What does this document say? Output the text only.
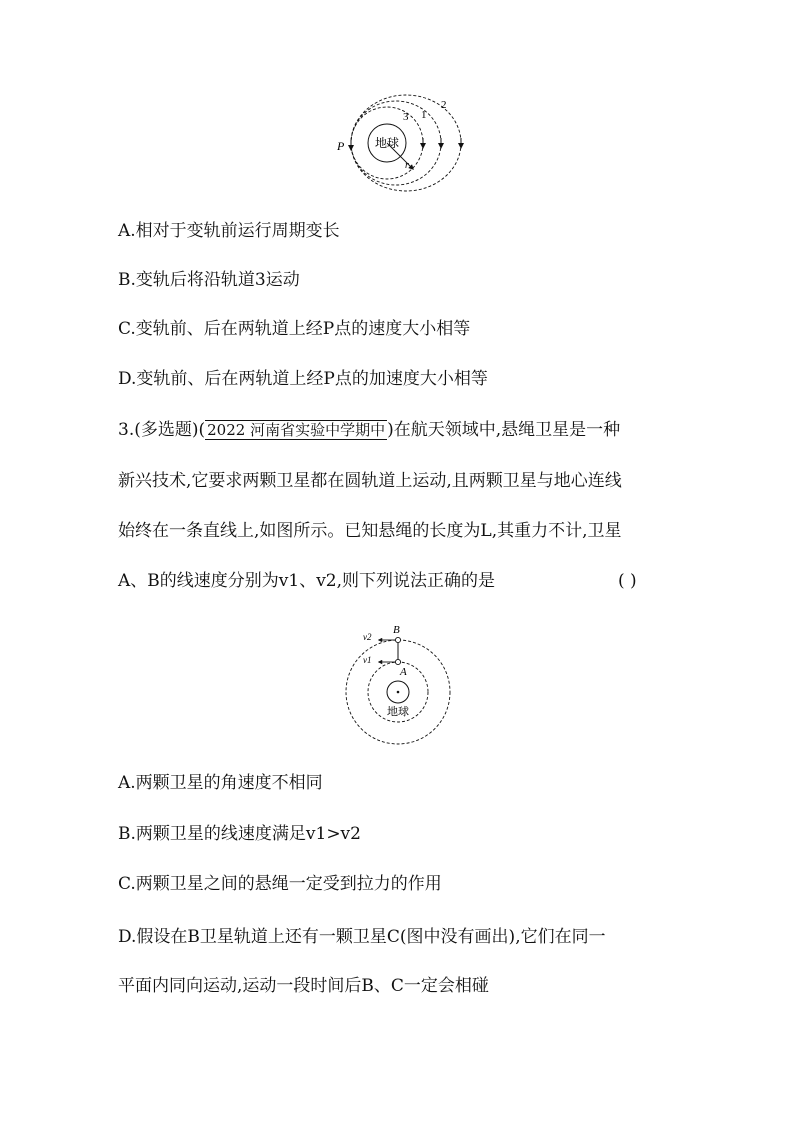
地球
P
r
1
2
3
A.相对于变轨前运行周期变长
B.变轨后将沿轨道3运动
C.变轨前、后在两轨道上经P点的速度大小相等
D.变轨前、后在两轨道上经P点的加速度大小相等
3.(多选题)( 2022 河南省实验中学期中 )在航天领域中,悬绳卫星是一种
新兴技术,它要求两颗卫星都在圆轨道上运动,且两颗卫星与地心连线
始终在一条直线上,如图所示。已知悬绳的长度为L,其重力不计,卫星
A、B的线速度分别为v1、v2,则下列说法正确的是	( )
B
A
v2
v1
地球
A.两颗卫星的角速度不相同
B.两颗卫星的线速度满足v1>v2
C.两颗卫星之间的悬绳一定受到拉力的作用
D.假设在B卫星轨道上还有一颗卫星C(图中没有画出),它们在同一
平面内同向运动,运动一段时间后B、C一定会相碰
